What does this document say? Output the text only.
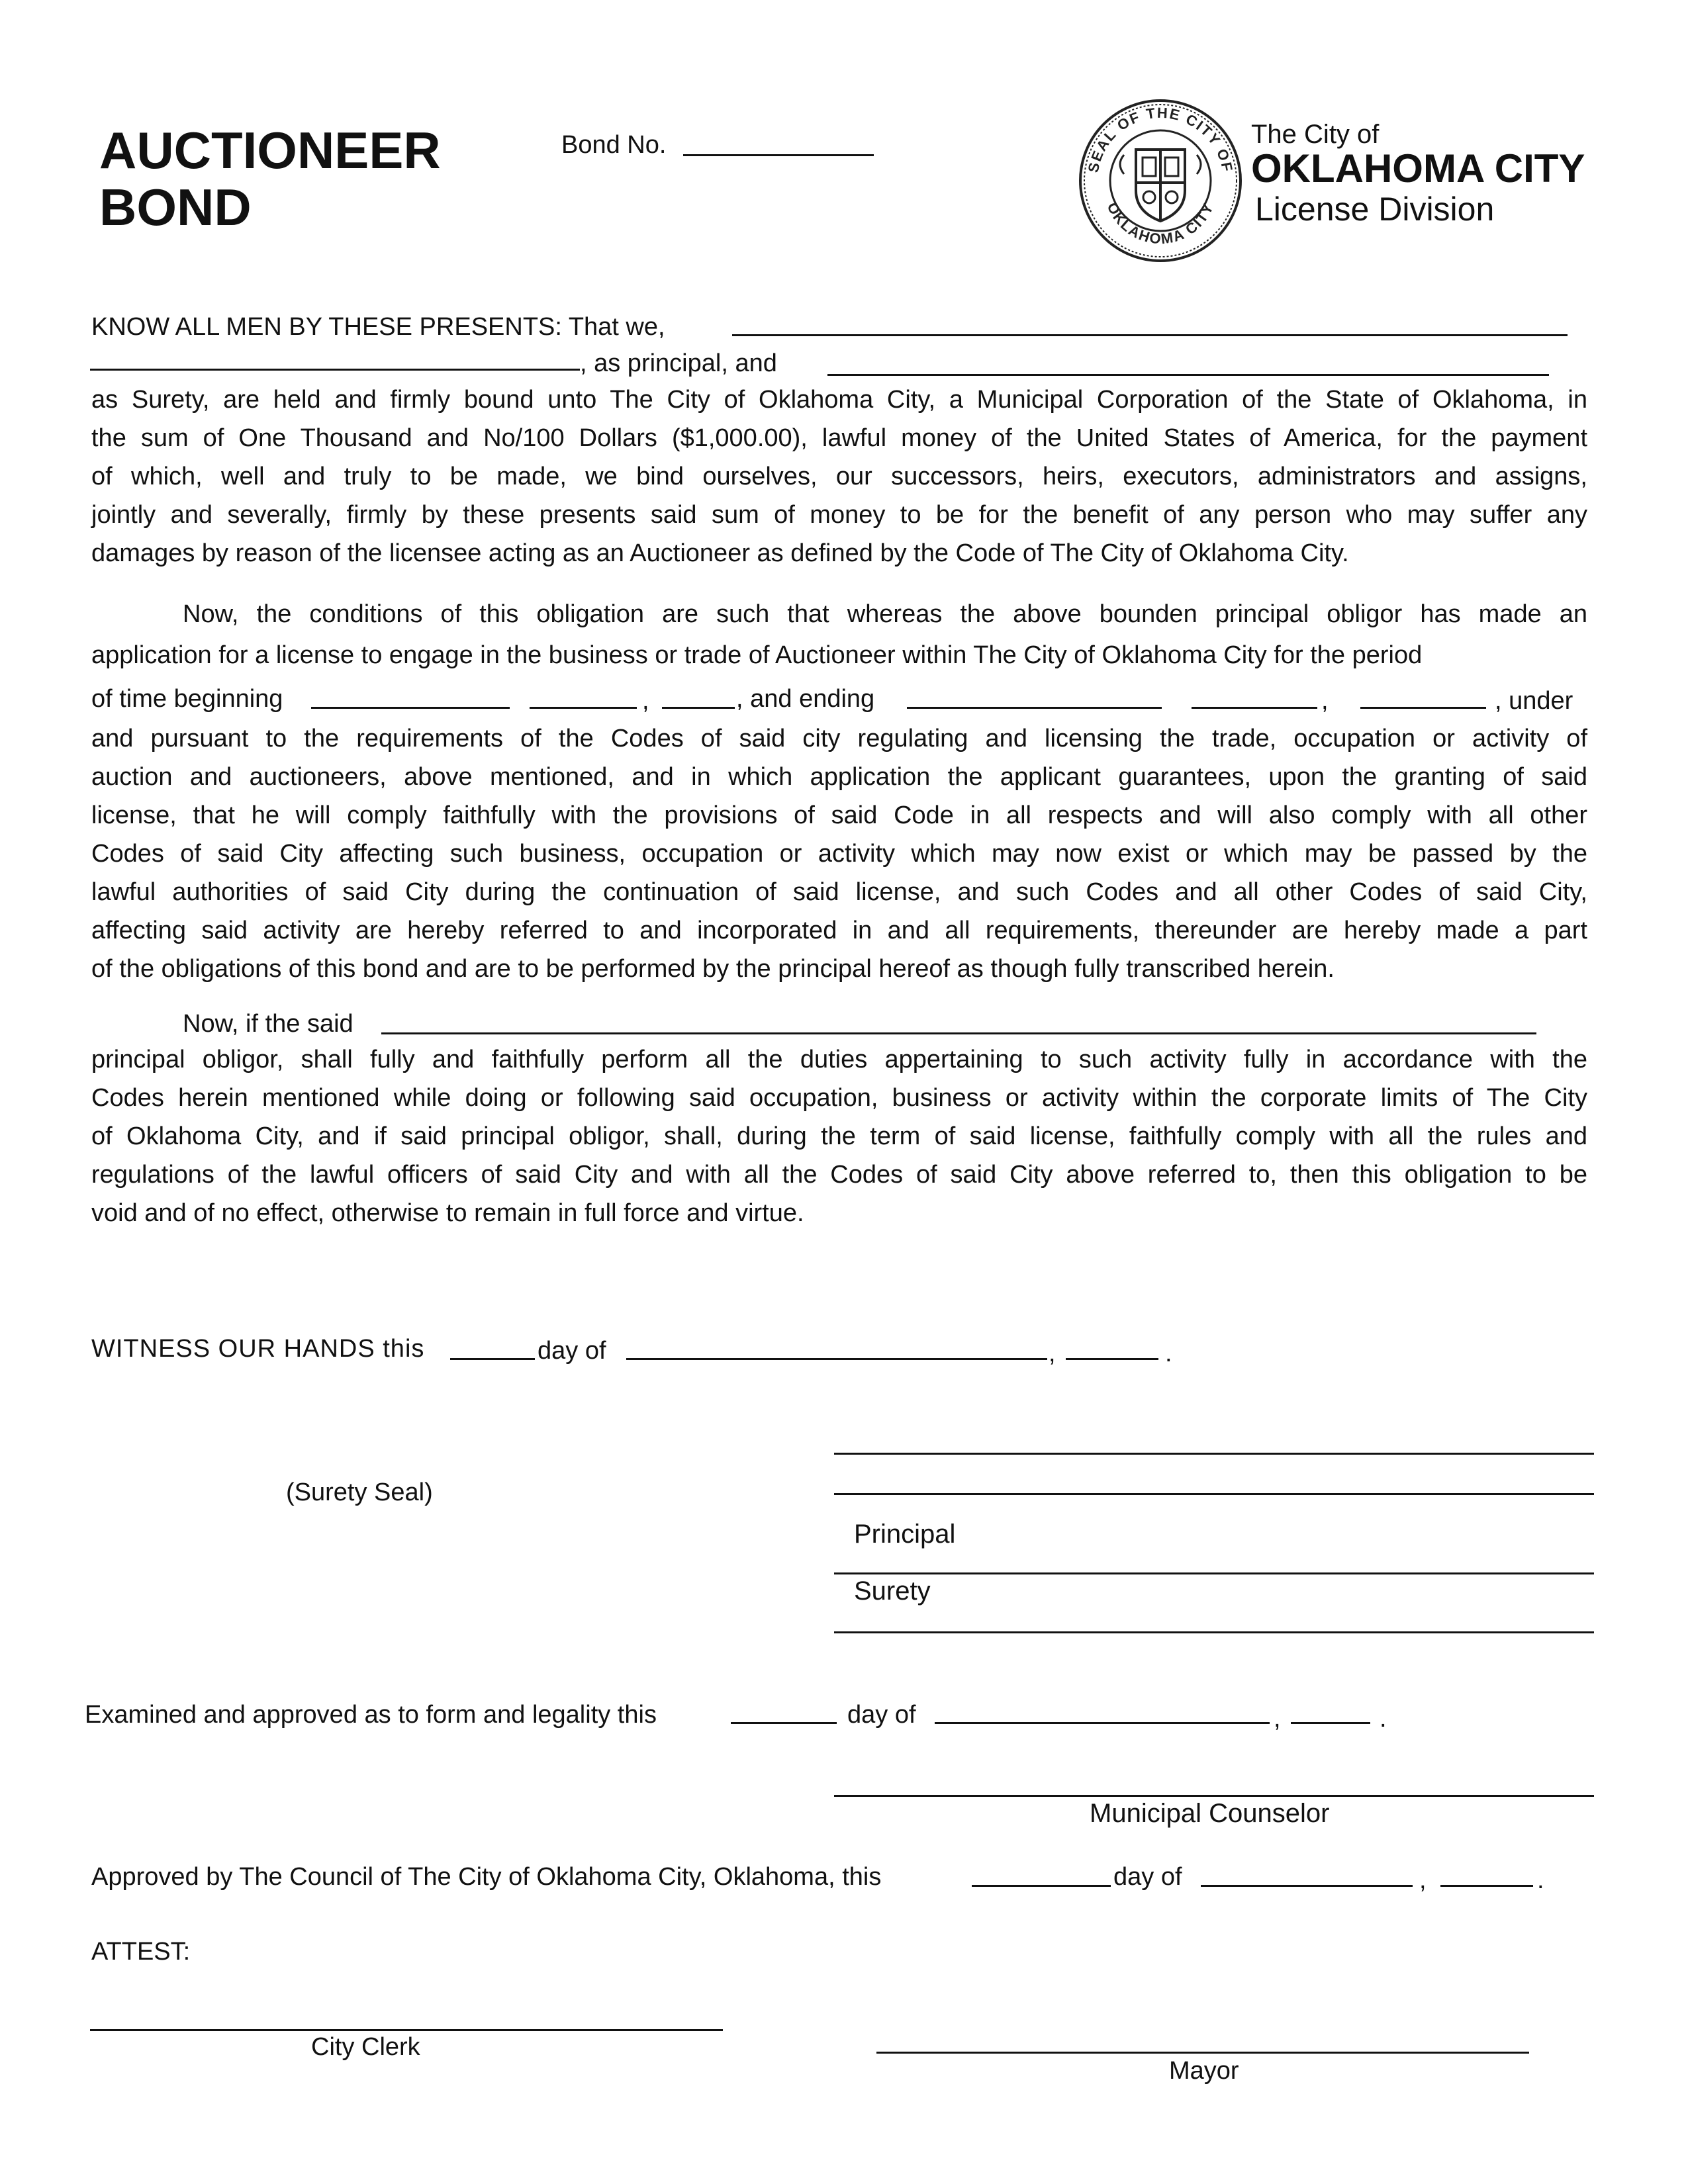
AUCTIONEER
BOND
Bond No.
SEAL OF THE CITY OF
OKLAHOMA CITY
The City of
OKLAHOMA CITY
License Division
KNOW ALL MEN BY THESE PRESENTS: That we,
, as principal, and
as Surety, are held and firmly bound unto The City of Oklahoma City, a Municipal Corporation of the State of Oklahoma, in
the sum of One Thousand and No/100 Dollars ($1,000.00), lawful money of the United States of America, for the payment
of which, well and truly to be made, we bind ourselves, our successors, heirs, executors, administrators and assigns,
jointly and severally, firmly by these presents said sum of money to be for the benefit of any person who may suffer any
damages by reason of the licensee acting as an Auctioneer as defined by the Code of The City of Oklahoma City.
Now, the conditions of this obligation are such that whereas the above bounden principal obligor has made an
application for a license to engage in the business or trade of Auctioneer within The City of Oklahoma City for the period
of time beginning	,	, and ending	,	, under
and pursuant to the requirements of the Codes of said city regulating and licensing the trade, occupation or activity of
auction and auctioneers, above mentioned, and in which application the applicant guarantees, upon the granting of said
license, that he will comply faithfully with the provisions of said Code in all respects and will also comply with all other
Codes of said City affecting such business, occupation or activity which may now exist or which may be passed by the
lawful authorities of said City during the continuation of said license, and such Codes and all other Codes of said City,
affecting said activity are hereby referred to and incorporated in and all requirements, thereunder are hereby made a part
of the obligations of this bond and are to be performed by the principal hereof as though fully transcribed herein.
Now, if the said
principal obligor, shall fully and faithfully perform all the duties appertaining to such activity fully in accordance with the
Codes herein mentioned while doing or following said occupation, business or activity within the corporate limits of The City
of Oklahoma City, and if said principal obligor, shall, during the term of said license, faithfully comply with all the rules and
regulations of the lawful officers of said City and with all the Codes of said City above referred to, then this obligation to be
void and of no effect, otherwise to remain in full force and virtue.
WITNESS OUR HANDS this	day of	,	.
(Surety Seal)
Principal
Surety
Examined and approved as to form and legality this	day of	,	.
Municipal Counselor
Approved by The Council of The City of Oklahoma City, Oklahoma, this	day of	,	.
ATTEST:
City Clerk
Mayor
